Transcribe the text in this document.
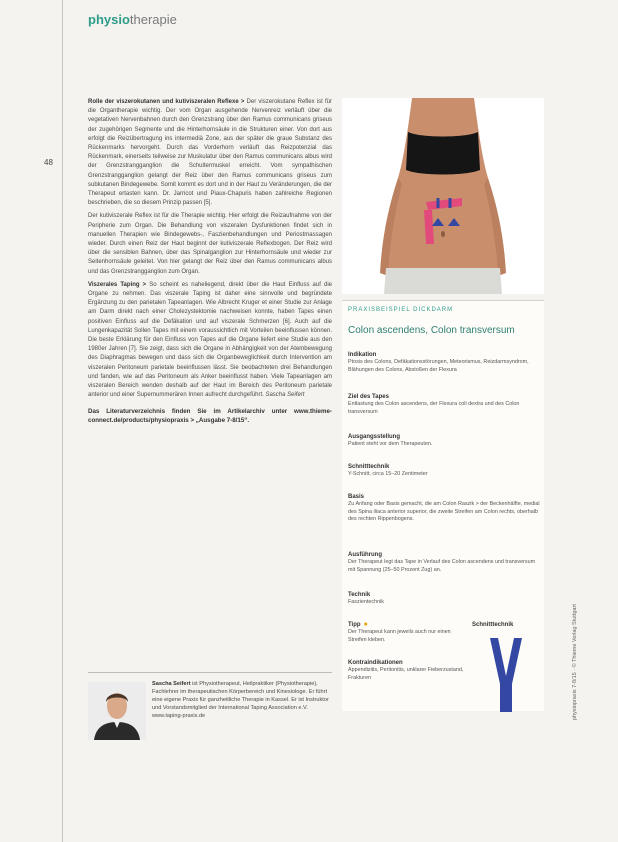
physiotherapie
48

Rolle der viszerokutanen und kutiviszeralen Reflexe > Der viszerokutane Reflex ist für die Organtherapie wichtig. Der vom Organ ausgehende Nervenreiz verläuft über die vegetativen Nervenbahnen durch den Grenzstrang über den Ramus communicans griseus der zugehörigen Segmente und die Hinterhornsäule in die Strukturen einer. Von dort aus erfolgt die Reizübertragung ins intermediä Zone, aus der später die graue Substanz des Rückenmarks hervorgeht. Durch das Vorderhorn verläuft das Reizpotenzial das Rückenmark, einerseits teilweise zur Muskulatur über den Ramus communicans albus wird der Grenzstrangganglion die Schultermuskel erreicht. Vom sympathischen Grenzstrangganglion gelangt der Reiz über den Ramus communicans griseus zum subkutanen Bindegewebe. Somit kommt es dort und in der Haut zu Veränderungen, die der Therapeut ertasten kann. Dr. Jarricot und Piaux-Chapuris haben zahlreiche Regionen beschrieben, die so diesem Prinzip passen [5].

Der kutiviszerale Reflex ist für die Therapie wichtig. Hier erfolgt die Reizaufnahme von der Peripherie zum Organ. Die Behandlung von viszeralen Dysfunktionen findet sich in manuellen Therapien wie Bindegewebs-, Faszienbehandlungen und Periostmassagen wieder. Durch einen Reiz der Haut beginnt der kutiviszerale Reflexbogen. Der Reiz wird über die sensiblen Bahnen, über das Spinalganglion zur Hinterhornsäule und wieder zur Seitenhornsäule geleitet. Von hier gelangt der Reiz über den Ramus communicans albus und das Grenzstrangganglion zum Organ.

Viszerales Taping > So scheint es naheliegend, direkt über die Haut Einfluss auf die Organe zu nehmen. Das viszerale Taping ist daher eine sinnvolle und begründete Ergänzung zu den parietalen Tapeanlagen. Wie Albrecht Kruger et einer Studie zur Anlage am Darm direkt nach einer Cholezystektomie nachweisen konnte, haben Tapes einen positiven Einfluss auf die Defäkation und auf viszerale Schmerzen [6]. Auch auf die Lungenkapazität Sollen Tapes mit einem voraussichtlich mit Vorteilen beeinflussen können. Die beste Erklärung für den Einfluss von Tapes auf die Organe liefert eine Studie aus den 1980er Jahren [7]. Sie zeigt, dass sich die Organe in Abhängigkeit von der Atembewegung des Diaphragmas bewegen und dass sich die Organbeweglichkeit durch Intervention am viszeralen Peritoneum parietale beeinflussen lässt. Sie beobachteten drei Behandlungen und fanden, wie auf das Peritoneum als Anker beeinflusst haben. Viele Tapeanlagen am viszeralen Bereich wenden deshalb auf der Haut im Bereich des Peritoneum parietale anterior und einer Supernummerären Innen aufrecht durchgeführt. Sascha Seifert

Das Literaturverzeichnis finden Sie im Artikelarchiv unter www.thieme-connect.de/products/physiopraxis > „Ausgabe 7-8/15“.
Sascha Seifert ist Physiotherapeut, Heilpraktiker (Physiotherapie), Fachlehrer im therapeutischen Körperbereich und Kinesiologe. Er führt eine eigene Praxis für ganzheitliche Therapie in Kassel. Er ist Instruktor und Vorstandsmitglied der International Taping Association e.V. www.taping-praxis.de
PRAXISBEISPIEL DICKDARM
Colon ascendens, Colon transversum
Indikation
Ptosis des Colons, Defäkationsstörungen, Meteorismus, Reizdarmsyndrom, Blähungen des Colons, Abstoßen der Flexura
Ziel des Tapes
Entlastung des Colon ascendens, der Flexura coli dextra und des Colon transversum
Ausgangsstellung
Patient steht vor dem Therapeuten.
Schnitttechnik
Y-Schnitt, circa 15–20 Zentimeter
Basis
Zu Anfang oder Basis gemacht, die am Colon Raszik > der Beckenhälfte, medial des Spina iliaca anterior superior, die zweite Streifen am Colon rechts, oberhalb des rechten Rippenbogens.
Ausführung
Der Therapeut legt das Tape in Verlauf des Colon ascendens und transversum mit Spannung (25–50 Prozent Zug) an.
Technik
Faszientechnik
Tipp ●
Der Therapeut kann jeweils auch nur einen Streifen kleben.
Kontraindikationen
Appendizitis, Peritonitis, unklarer Fieberzustand, Frakturen
Schnitttechnik	physiopraxis 7-8/15 · © Thieme Verlag Stuttgart
